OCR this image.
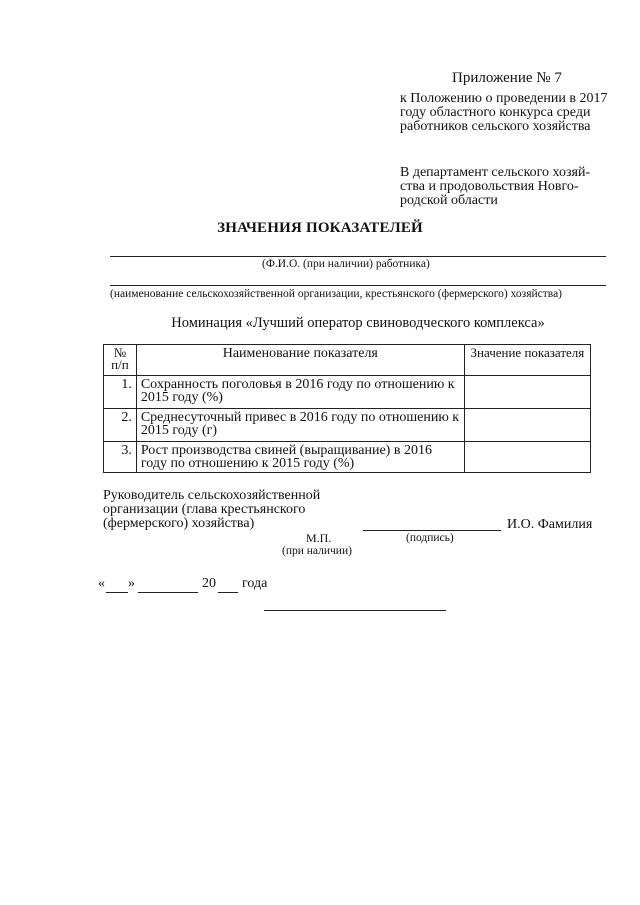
Приложение № 7
к Положению о проведении в 2017 году областного конкурса среди работников сельского хозяйства
В департамент сельского хозяй-ства и продовольствия Новго-родской области
ЗНАЧЕНИЯ ПОКАЗАТЕЛЕЙ
(Ф.И.О. (при наличии) работника)
(наименование сельскохозяйственной организации, крестьянского (фермерского) хозяйства)
Номинация «Лучший оператор свиноводческого комплекса»
№ п/п	Наименование показателя	Значение показателя
1.	Сохранность поголовья в 2016 году по отношению к 2015 году (%)	
2.	Среднесуточный привес в 2016 году по отношению к 2015 году (г)	
3.	Рост производства свиней (выращивание) в 2016 году по отношению к 2015 году (%)	
Руководитель сельскохозяйственной организации (глава крестьянского (фермерского) хозяйства)	И.О. Фамилия
М.П.	(подпись)
(при наличии)
« »	20 года
